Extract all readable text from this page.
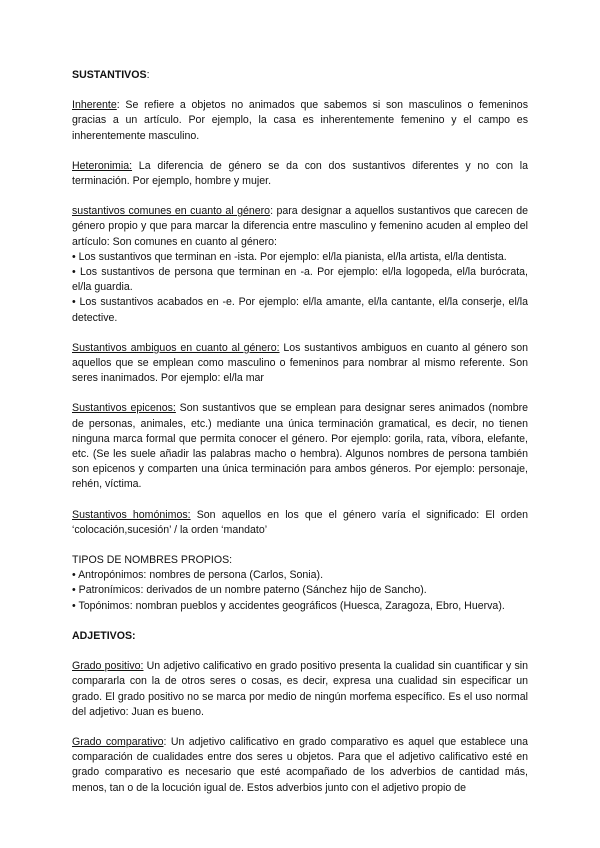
SUSTANTIVOS:

Inherente: Se refiere a objetos no animados que sabemos si son masculinos o femeninos gracias a un artículo. Por ejemplo, la casa es inherentemente femenino y el campo es inherentemente masculino.

Heteronimia: La diferencia de género se da con dos sustantivos diferentes y no con la terminación. Por ejemplo, hombre y mujer.

sustantivos comunes en cuanto al género: para designar a aquellos sustantivos que carecen de género propio y que para marcar la diferencia entre masculino y femenino acuden al empleo del artículo: Son comunes en cuanto al género:

• Los sustantivos que terminan en -ista. Por ejemplo: el/la pianista, el/la artista, el/la dentista.
• Los sustantivos de persona que terminan en -a. Por ejemplo: el/la logopeda, el/la burócrata, el/la guardia.
• Los sustantivos acabados en -e. Por ejemplo: el/la amante, el/la cantante, el/la conserje, el/la detective.

Sustantivos ambiguos en cuanto al género: Los sustantivos ambiguos en cuanto al género son aquellos que se emplean como masculino o femeninos para nombrar al mismo referente. Son seres inanimados. Por ejemplo: el/la mar

Sustantivos epicenos: Son sustantivos que se emplean para designar seres animados (nombre de personas, animales, etc.) mediante una única terminación gramatical, es decir, no tienen ninguna marca formal que permita conocer el género. Por ejemplo: gorila, rata, víbora, elefante, etc. (Se les suele añadir las palabras macho o hembra). Algunos nombres de persona también son epicenos y comparten una única terminación para ambos géneros. Por ejemplo: personaje, rehén, víctima.

Sustantivos homónimos: Son aquellos en los que el género varía el significado: El orden ‘colocación,sucesión’ / la orden ‘mandato’

TIPOS DE NOMBRES PROPIOS:

• Antropónimos: nombres de persona (Carlos, Sonia).
• Patronímicos: derivados de un nombre paterno (Sánchez hijo de Sancho).
• Topónimos: nombran pueblos y accidentes geográficos (Huesca, Zaragoza, Ebro, Huerva).

ADJETIVOS:

Grado positivo: Un adjetivo calificativo en grado positivo presenta la cualidad sin cuantificar y sin compararla con la de otros seres o cosas, es decir, expresa una cualidad sin especificar un grado. El grado positivo no se marca por medio de ningún morfema específico. Es el uso normal del adjetivo: Juan es bueno.

Grado comparativo: Un adjetivo calificativo en grado comparativo es aquel que establece una comparación de cualidades entre dos seres u objetos. Para que el adjetivo calificativo esté en grado comparativo es necesario que esté acompañado de los adverbios de cantidad más, menos, tan o de la locución igual de. Estos adverbios junto con el adjetivo propio de
